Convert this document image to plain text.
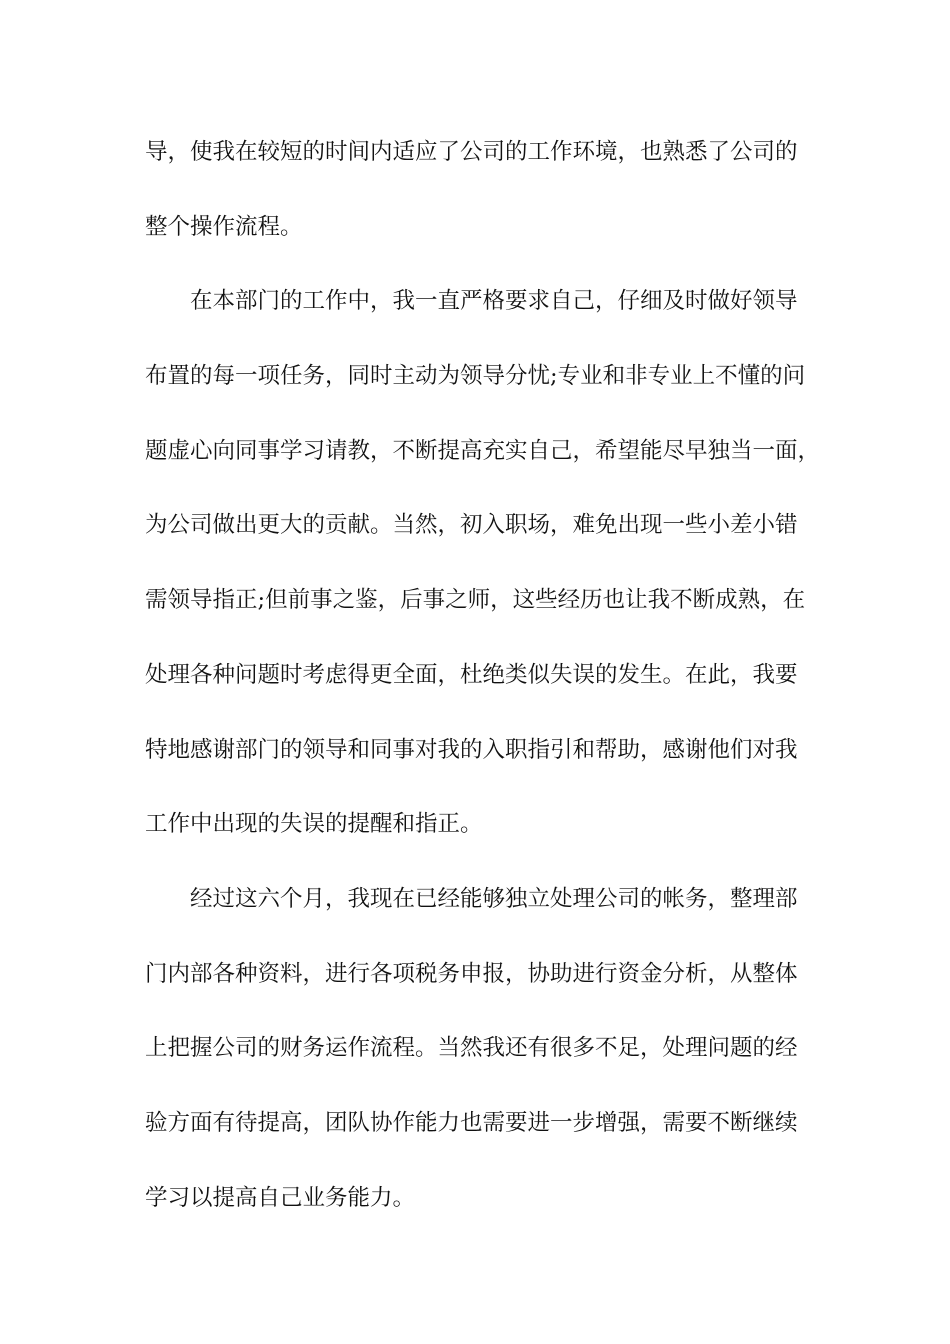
导，使我在较短的时间内适应了公司的工作环境，也熟悉了公司的

整个操作流程。

在本部门的工作中，我一直严格要求自己，仔细及时做好领导

布置的每一项任务，同时主动为领导分忧;专业和非专业上不懂的问

题虚心向同事学习请教，不断提高充实自己，希望能尽早独当一面，

为公司做出更大的贡献。当然，初入职场，难免出现一些小差小错

需领导指正;但前事之鉴，后事之师，这些经历也让我不断成熟，在

处理各种问题时考虑得更全面，杜绝类似失误的发生。在此，我要

特地感谢部门的领导和同事对我的入职指引和帮助，感谢他们对我

工作中出现的失误的提醒和指正。

经过这六个月，我现在已经能够独立处理公司的帐务，整理部

门内部各种资料，进行各项税务申报，协助进行资金分析，从整体

上把握公司的财务运作流程。当然我还有很多不足，处理问题的经

验方面有待提高，团队协作能力也需要进一步增强，需要不断继续

学习以提高自己业务能力。
